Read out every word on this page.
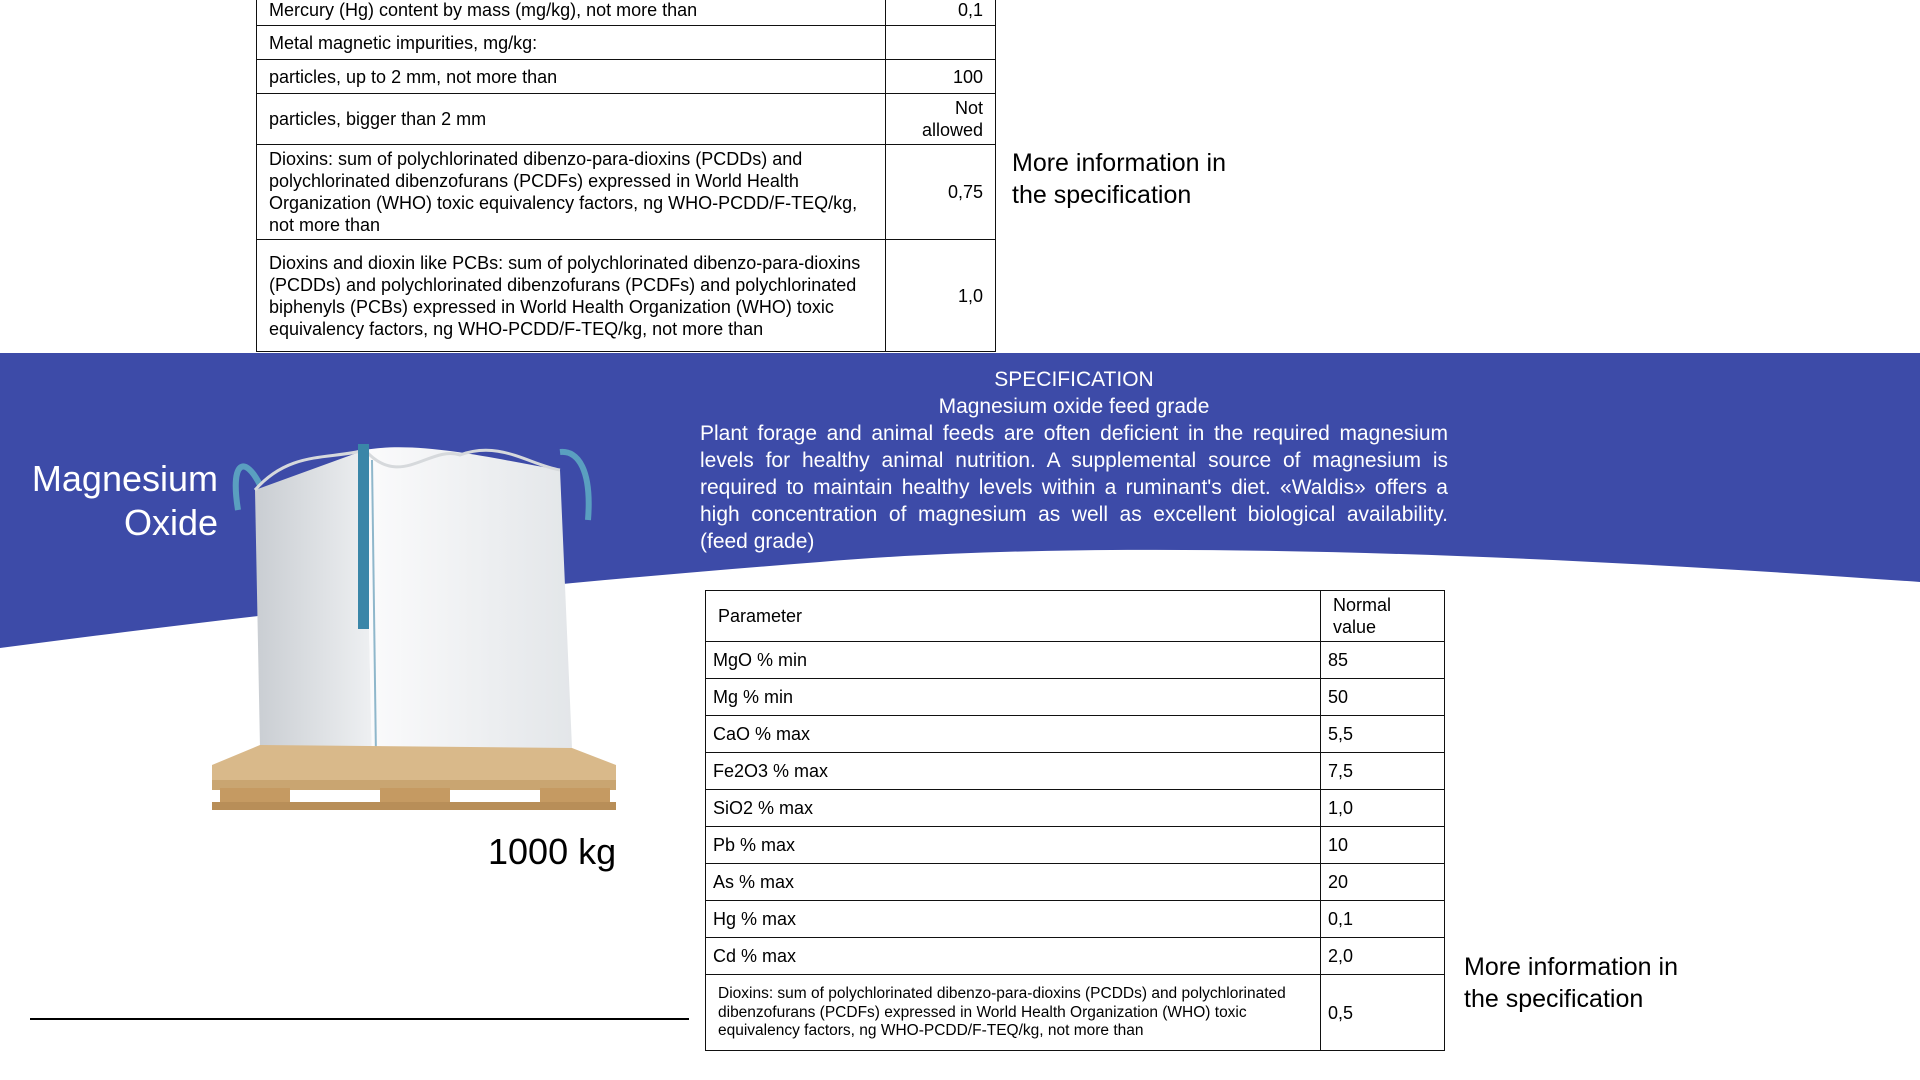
Mercury (Hg) content by mass (mg/kg), not more than	0,1
Metal magnetic impurities, mg/kg:	
particles, up to 2 mm, not more than	100
particles, bigger than 2 mm	Not allowed
Dioxins: sum of polychlorinated dibenzo-para-dioxins (PCDDs) and polychlorinated dibenzofurans (PCDFs) expressed in World Health Organization (WHO) toxic equivalency factors, ng WHO-PCDD/F-TEQ/kg, not more than	0,75
Dioxins and dioxin like PCBs: sum of polychlorinated dibenzo-para-dioxins (PCDDs) and polychlorinated dibenzofurans (PCDFs) and polychlorinated biphenyls (PCBs) expressed in World Health Organization (WHO) toxic equivalency factors, ng WHO-PCDD/F-TEQ/kg, not more than	1,0
More information in the specification
SPECIFICATION
Magnesium oxide feed grade
Plant forage and animal feeds are often deficient in the required magnesium levels for healthy animal nutrition. A supplemental source of magnesium is required to maintain healthy levels within a ruminant's diet. «Waldis» offers a high concentration of magnesium as well as excellent biological availability. (feed grade)
Magnesium
Oxide
1000 kg
Parameter	Normal value
MgO % min	85
Mg % min	50
CaO % max	5,5
Fe2O3 % max	7,5
SiO2 % max	1,0
Pb % max	10
As % max	20
Hg % max	0,1
Cd % max	2,0
Dioxins: sum of polychlorinated dibenzo-para-dioxins (PCDDs) and polychlorinated dibenzofurans (PCDFs) expressed in World Health Organization (WHO) toxic equivalency factors, ng WHO-PCDD/F-TEQ/kg, not more than	0,5
More information in the specification
